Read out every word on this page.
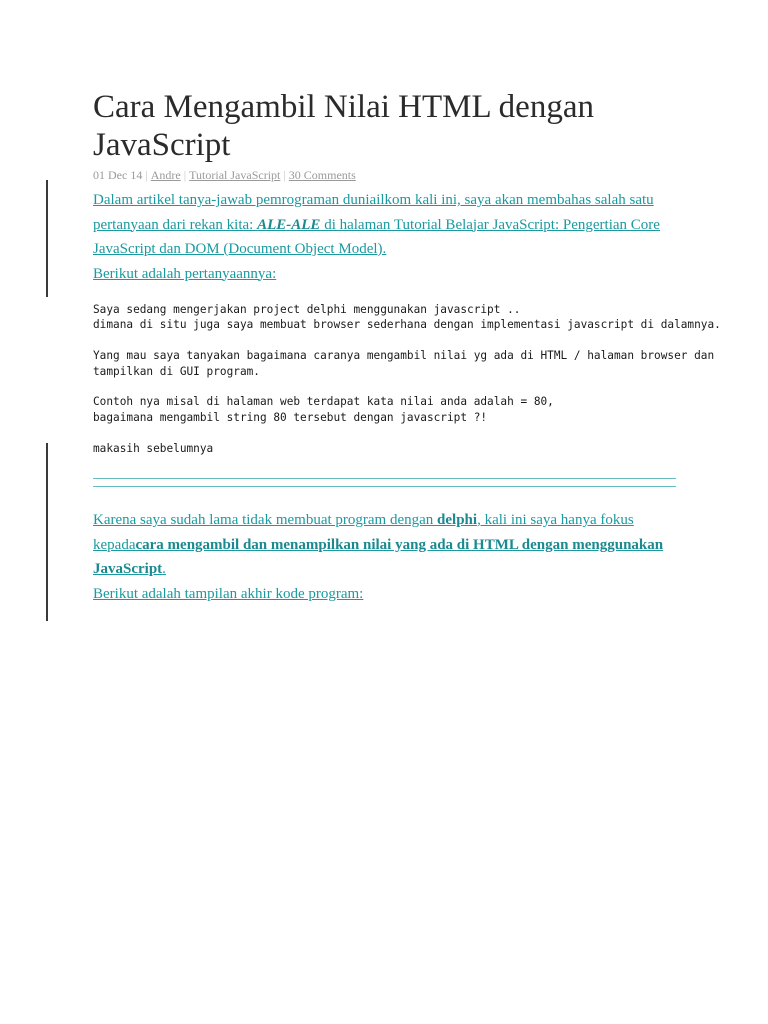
Cara Mengambil Nilai HTML dengan JavaScript
01 Dec 14 | Andre | Tutorial JavaScript | 30 Comments

Dalam artikel tanya-jawab pemrograman duniailkom kali ini, saya akan membahas salah satu pertanyaan dari rekan kita: ALE-ALE di halaman Tutorial Belajar JavaScript: Pengertian Core JavaScript dan DOM (Document Object Model).

Berikut adalah pertanyaannya:

Saya sedang mengerjakan project delphi menggunakan javascript ..
dimana di situ juga saya membuat browser sederhana dengan implementasi javascript di dalamnya.
Yang mau saya tanyakan bagaimana caranya mengambil nilai yg ada di HTML / halaman browser dan
tampilkan di GUI program.
Contoh nya misal di halaman web terdapat kata nilai anda adalah = 80,
bagaimana mengambil string 80 tersebut dengan javascript ?!
makasih sebelumnya

Karena saya sudah lama tidak membuat program dengan delphi, kali ini saya hanya fokus kepadacara mengambil dan menampilkan nilai yang ada di HTML dengan menggunakan JavaScript.

Berikut adalah tampilan akhir kode program:
